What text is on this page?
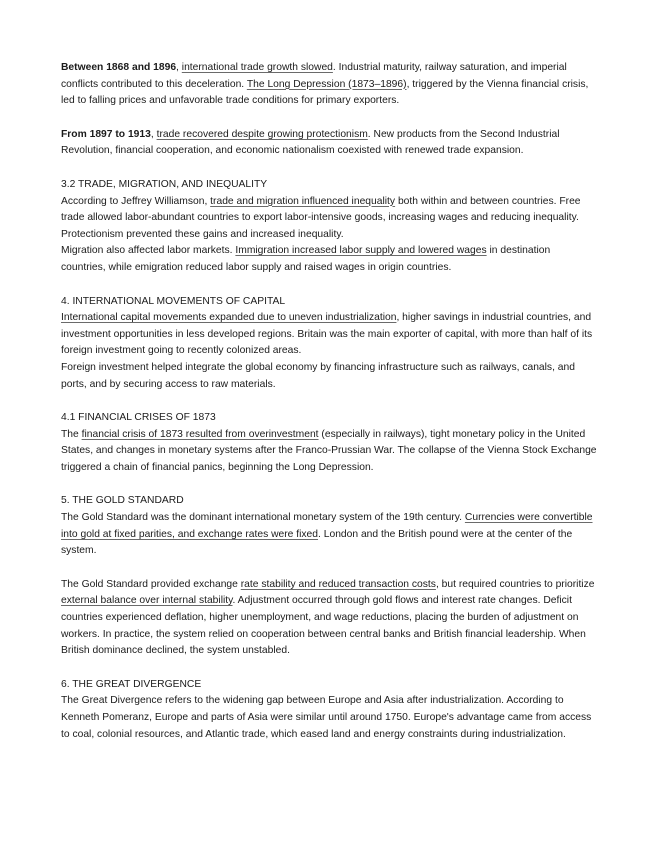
Between 1868 and 1896, international trade growth slowed. Industrial maturity, railway saturation, and imperial conflicts contributed to this deceleration. The Long Depression (1873–1896), triggered by the Vienna financial crisis, led to falling prices and unfavorable trade conditions for primary exporters.

From 1897 to 1913, trade recovered despite growing protectionism. New products from the Second Industrial Revolution, financial cooperation, and economic nationalism coexisted with renewed trade expansion.

3.2 TRADE, MIGRATION, AND INEQUALITY

According to Jeffrey Williamson, trade and migration influenced inequality both within and between countries. Free trade allowed labor-abundant countries to export labor-intensive goods, increasing wages and reducing inequality. Protectionism prevented these gains and increased inequality.

Migration also affected labor markets. Immigration increased labor supply and lowered wages in destination countries, while emigration reduced labor supply and raised wages in origin countries.

4. INTERNATIONAL MOVEMENTS OF CAPITAL

International capital movements expanded due to uneven industrialization, higher savings in industrial countries, and investment opportunities in less developed regions. Britain was the main exporter of capital, with more than half of its foreign investment going to recently colonized areas.

Foreign investment helped integrate the global economy by financing infrastructure such as railways, canals, and ports, and by securing access to raw materials.

4.1 FINANCIAL CRISES OF 1873

The financial crisis of 1873 resulted from overinvestment (especially in railways), tight monetary policy in the United States, and changes in monetary systems after the Franco-Prussian War. The collapse of the Vienna Stock Exchange triggered a chain of financial panics, beginning the Long Depression.

5. THE GOLD STANDARD

The Gold Standard was the dominant international monetary system of the 19th century. Currencies were convertible into gold at fixed parities, and exchange rates were fixed. London and the British pound were at the center of the system.

The Gold Standard provided exchange rate stability and reduced transaction costs, but required countries to prioritize external balance over internal stability. Adjustment occurred through gold flows and interest rate changes. Deficit countries experienced deflation, higher unemployment, and wage reductions, placing the burden of adjustment on workers. In practice, the system relied on cooperation between central banks and British financial leadership. When British dominance declined, the system unstabled.

6. THE GREAT DIVERGENCE

The Great Divergence refers to the widening gap between Europe and Asia after industrialization. According to Kenneth Pomeranz, Europe and parts of Asia were similar until around 1750. Europe's advantage came from access to coal, colonial resources, and Atlantic trade, which eased land and energy constraints during industrialization.
